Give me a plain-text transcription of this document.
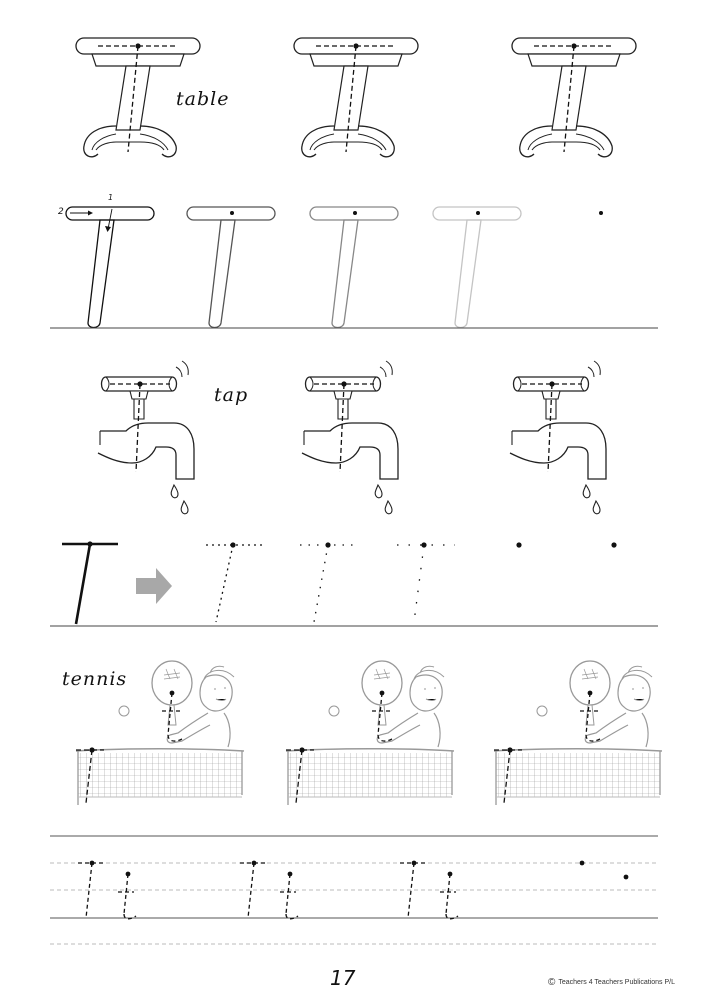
table
2
1
tap
tennis
17	© Teachers 4 Teachers Publications P/L
